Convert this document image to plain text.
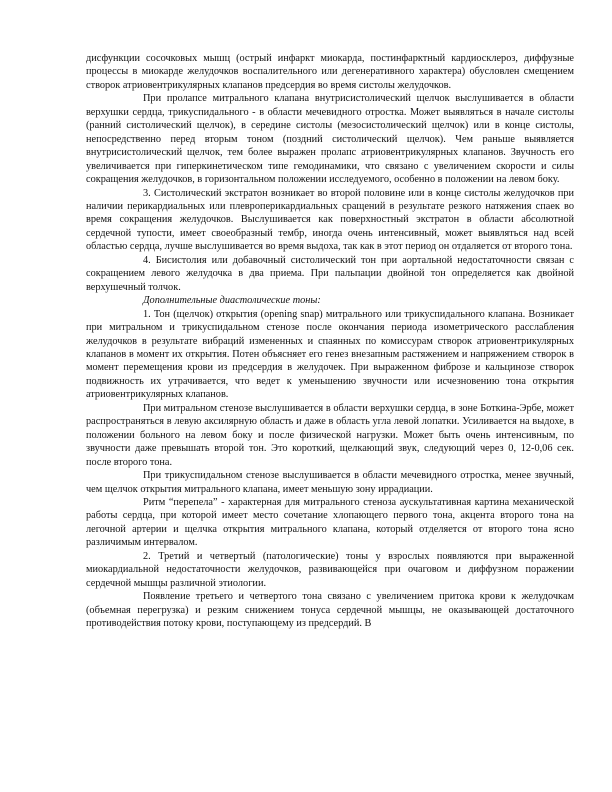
дисфункции сосочковых мышц (острый инфаркт миокарда, постинфарктный кардиосклероз, диффузные процессы в миокарде желудочков воспалительного или дегенеративного характера) обусловлен смещением створок атриовентрикулярных клапанов предсердия во время систолы желудочков.

При пролапсе митрального клапана внутрисистолический щелчок выслушивается в области верхушки сердца, трикуспидального - в области мечевидного отростка. Может выявляться в начале систолы (ранний систолический щелчок), в середине систолы (мезосистолический щелчок) или в конце систолы, непосредственно перед вторым тоном (поздний систолический щелчок). Чем раньше выявляется внутрисистолический щелчок, тем более выражен пролапс атриовентрикулярных клапанов. Звучность его увеличивается при гиперкинетическом типе гемодинамики, что связано с увеличением скорости и силы сокращения желудочков, в горизонтальном положении исследуемого, особенно в положении на левом боку.

3. Систолический экстратон возникает во второй половине или в конце систолы желудочков при наличии перикардиальных или плевроперикардиальных сращений в результате резкого натяжения спаек во время сокращения желудочков. Выслушивается как поверхностный экстратон в области абсолютной сердечной тупости, имеет своеобразный тембр, иногда очень интенсивный, может выявляться над всей областью сердца, лучше выслушивается во время выдоха, так как в этот период он отдаляется от второго тона.

4. Бисистолия или добавочный систолический тон при аортальной недостаточности связан с сокращением левого желудочка в два приема. При пальпации двойной тон определяется как двойной верхушечный толчок.

Дополнительные диастолические тоны:

1. Тон (щелчок) открытия (opening snap) митрального или трикуспидального клапана. Возникает при митральном и трикуспидальном стенозе после окончания периода изометрического расслабления желудочков в результате вибраций измененных и спаянных по комиссурам створок атриовентрикулярных клапанов в момент их открытия. Потен объясняет его генез внезапным растяжением и напряжением створок в момент перемещения крови из предсердия в желудочек. При выраженном фиброзе и кальцинозе створок подвижность их утрачивается, что ведет к уменьшению звучности или исчезновению тона открытия атриовентрикулярных клапанов.

При митральном стенозе выслушивается в области верхушки сердца, в зоне Боткина-Эрбе, может распространяться в левую аксилярную область и даже в область угла левой лопатки. Усиливается на выдохе, в положении больного на левом боку и после физической нагрузки. Может быть очень интенсивным, по звучности даже превышать второй тон. Это короткий, щелкающий звук, следующий через 0, 12-0,06 сек. после второго тона.

При трикуспидальном стенозе выслушивается в области мечевидного отростка, менее звучный, чем щелчок открытия митрального клапана, имеет меньшую зону иррадиации.

Ритм “перепела” - характерная для митрального стеноза аускультативная картина механической работы сердца, при которой имеет место сочетание хлопающего первого тона, акцента второго тона на легочной артерии и щелчка открытия митрального клапана, который отделяется от второго тона ясно различимым интервалом.

2. Третий и четвертый (патологические) тоны у взрослых появляются при выраженной миокардиальной недостаточности желудочков, развивающейся при очаговом и диффузном поражении сердечной мышцы различной этиологии.

Появление третьего и четвертого тона связано с увеличением притока крови к желудочкам (объемная перегрузка) и резким снижением тонуса сердечной мышцы, не оказывающей достаточного противодействия потоку крови, поступающему из предсердий. В
